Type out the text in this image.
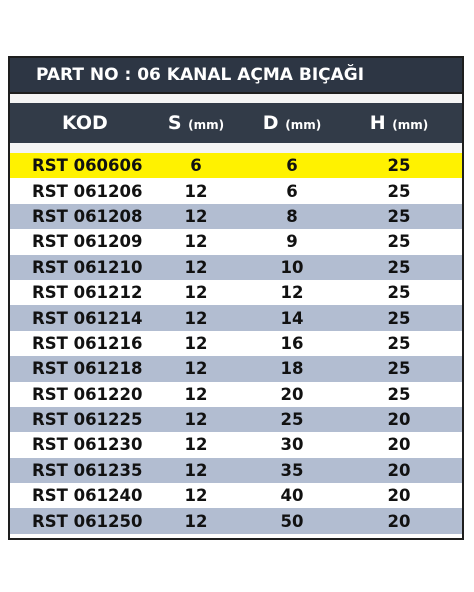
PART NO : 06 KANAL AÇMA BIÇAĞI
KOD	S (mm)	D (mm)	H (mm)
RST 060606	6	6	25
RST 061206	12	6	25
RST 061208	12	8	25
RST 061209	12	9	25
RST 061210	12	10	25
RST 061212	12	12	25
RST 061214	12	14	25
RST 061216	12	16	25
RST 061218	12	18	25
RST 061220	12	20	25
RST 061225	12	25	20
RST 061230	12	30	20
RST 061235	12	35	20
RST 061240	12	40	20
RST 061250	12	50	20
